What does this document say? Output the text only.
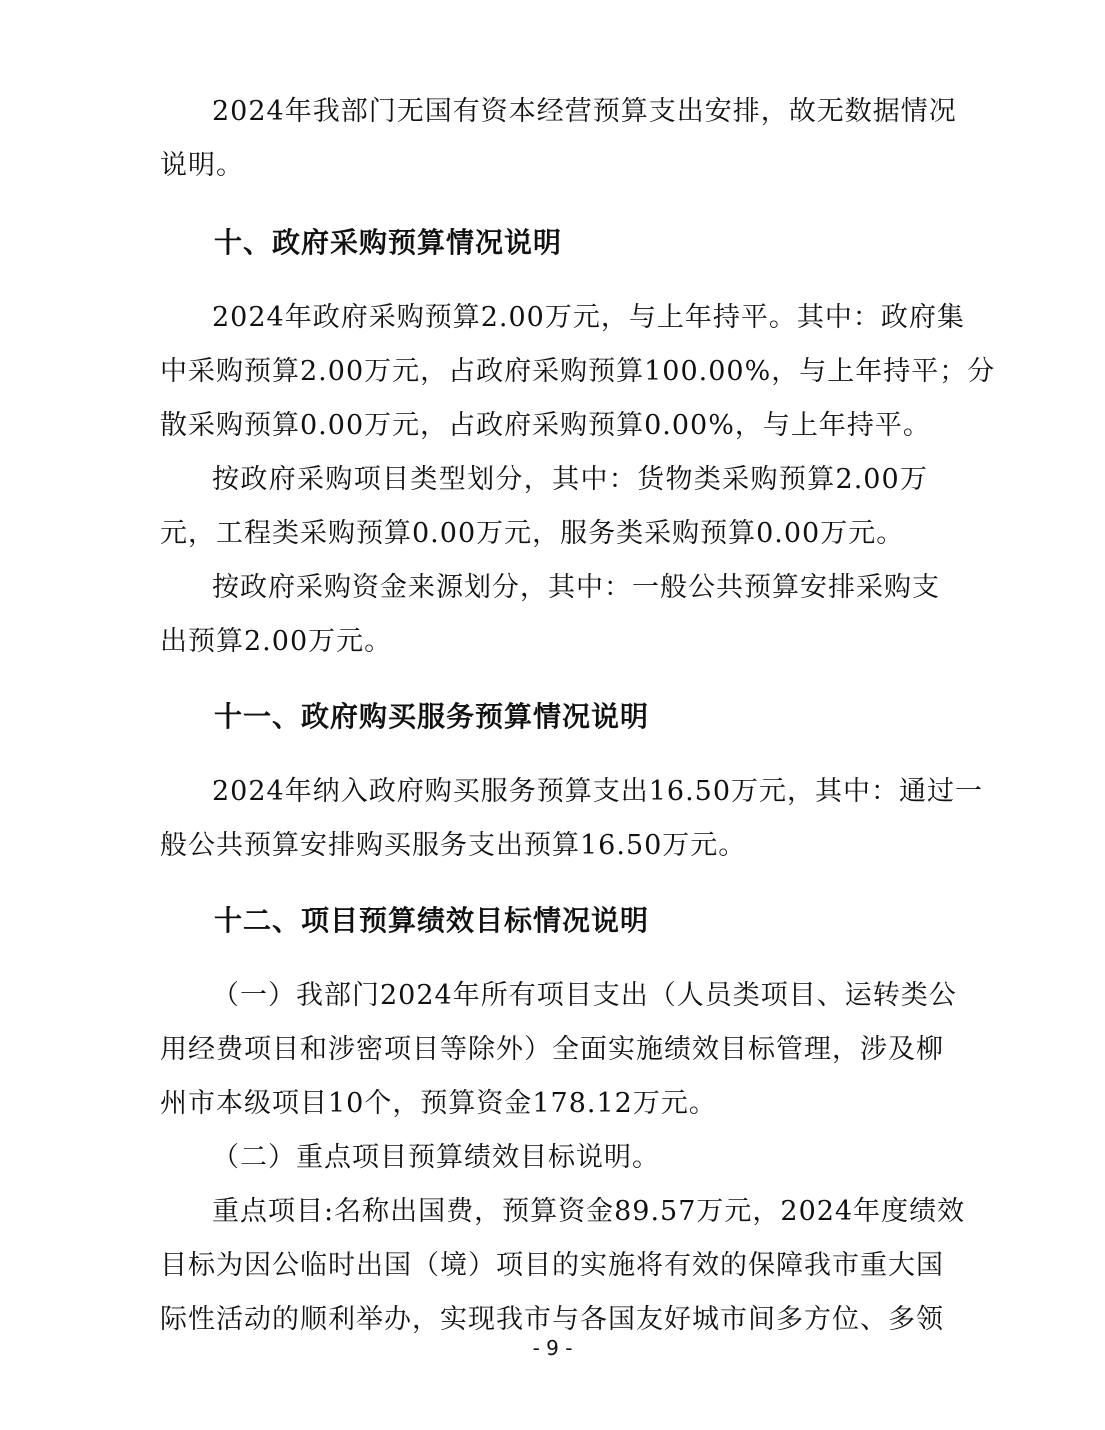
2024年我部门无国有资本经营预算支出安排，故无数据情况
说明。
十、政府采购预算情况说明
2024年政府采购预算2.00万元，与上年持平。其中：政府集
中采购预算2.00万元，占政府采购预算100.00%，与上年持平；分
散采购预算0.00万元，占政府采购预算0.00%，与上年持平。
按政府采购项目类型划分，其中：货物类采购预算2.00万
元，工程类采购预算0.00万元，服务类采购预算0.00万元。
按政府采购资金来源划分，其中：一般公共预算安排采购支
出预算2.00万元。
十一、政府购买服务预算情况说明
2024年纳入政府购买服务预算支出16.50万元，其中：通过一
般公共预算安排购买服务支出预算16.50万元。
十二、项目预算绩效目标情况说明
（一）我部门2024年所有项目支出（人员类项目、运转类公
用经费项目和涉密项目等除外）全面实施绩效目标管理，涉及柳
州市本级项目10个，预算资金178.12万元。
（二）重点项目预算绩效目标说明。
重点项目:名称出国费，预算资金89.57万元，2024年度绩效
目标为因公临时出国（境）项目的实施将有效的保障我市重大国
际性活动的顺利举办，实现我市与各国友好城市间多方位、多领
- 9 -
